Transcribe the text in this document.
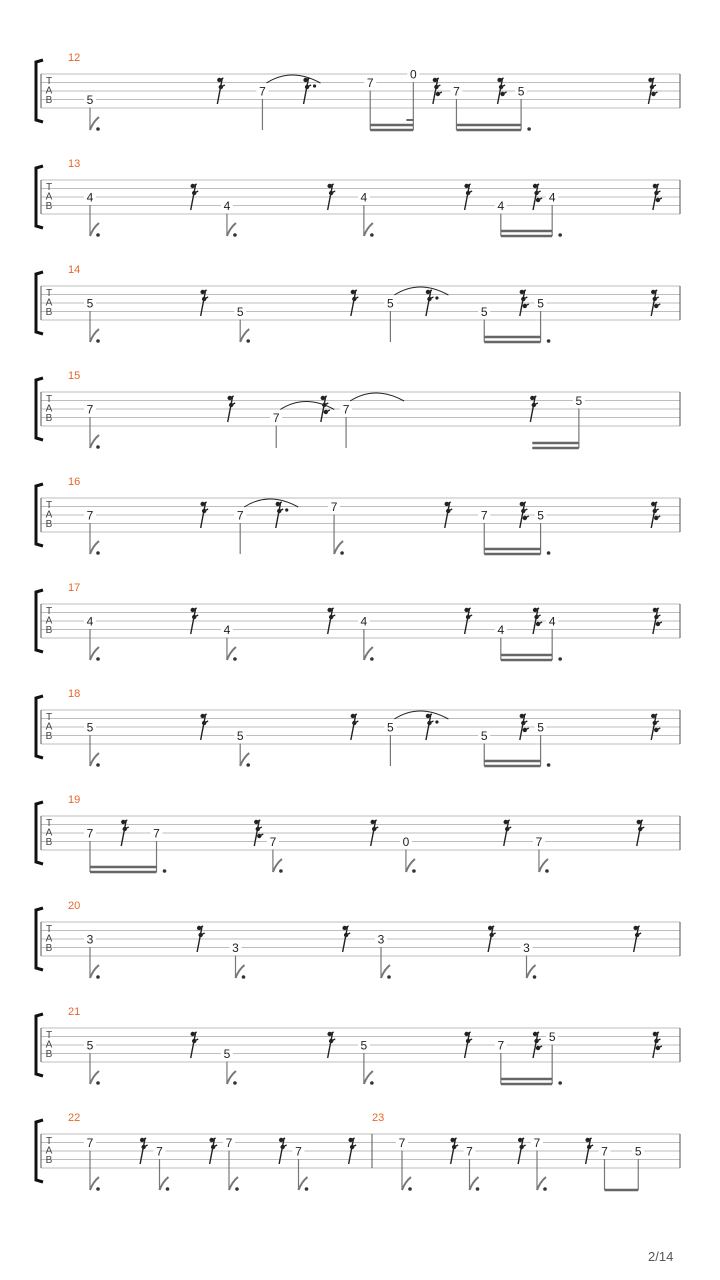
T
A
B
12
5
7
7
0
7	5
T
A
B
13
4
4
4
4
4
T
A
B
14
5
5
5
5
5
T
A
B
15
7
7
7
5
T
A
B
16
7	7
7
7	5
T
A
B
17
4
4
4
4
4
T
A
B
18
5
5
5
5
5
T
A
B
19
7	7
7	0	7
T
A
B
20
3
3
3
3
T
A
B
21
5
5
5	7
5
T
A
B
22
7
7
7
7
23
7
7
7
7 5
2/14
